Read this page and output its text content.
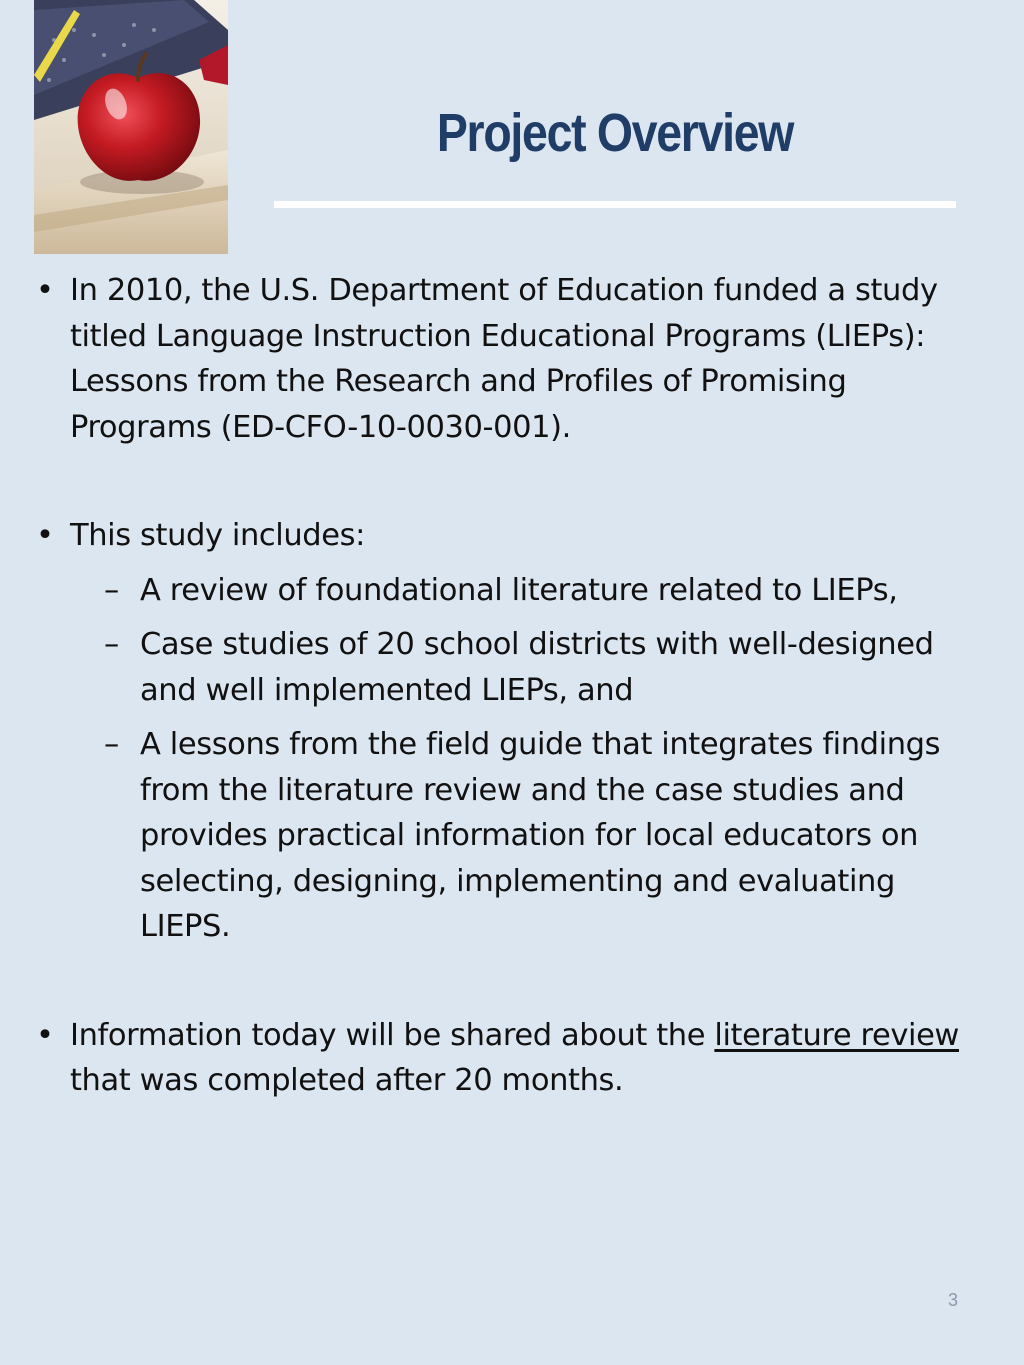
Project Overview
• In 2010, the U.S. Department of Education funded a study titled Language Instruction Educational Programs (LIEPs): Lessons from the Research and Profiles of Promising Programs (ED-CFO-10-0030-001).
• This study includes:
– A review of foundational literature related to LIEPs,
– Case studies of 20 school districts with well-designed and well implemented LIEPs, and
– A lessons from the field guide that integrates findings from the literature review and the case studies and provides practical information for local educators on selecting, designing, implementing and evaluating LIEPS.
• Information today will be shared about the literature review that was completed after 20 months.
3
